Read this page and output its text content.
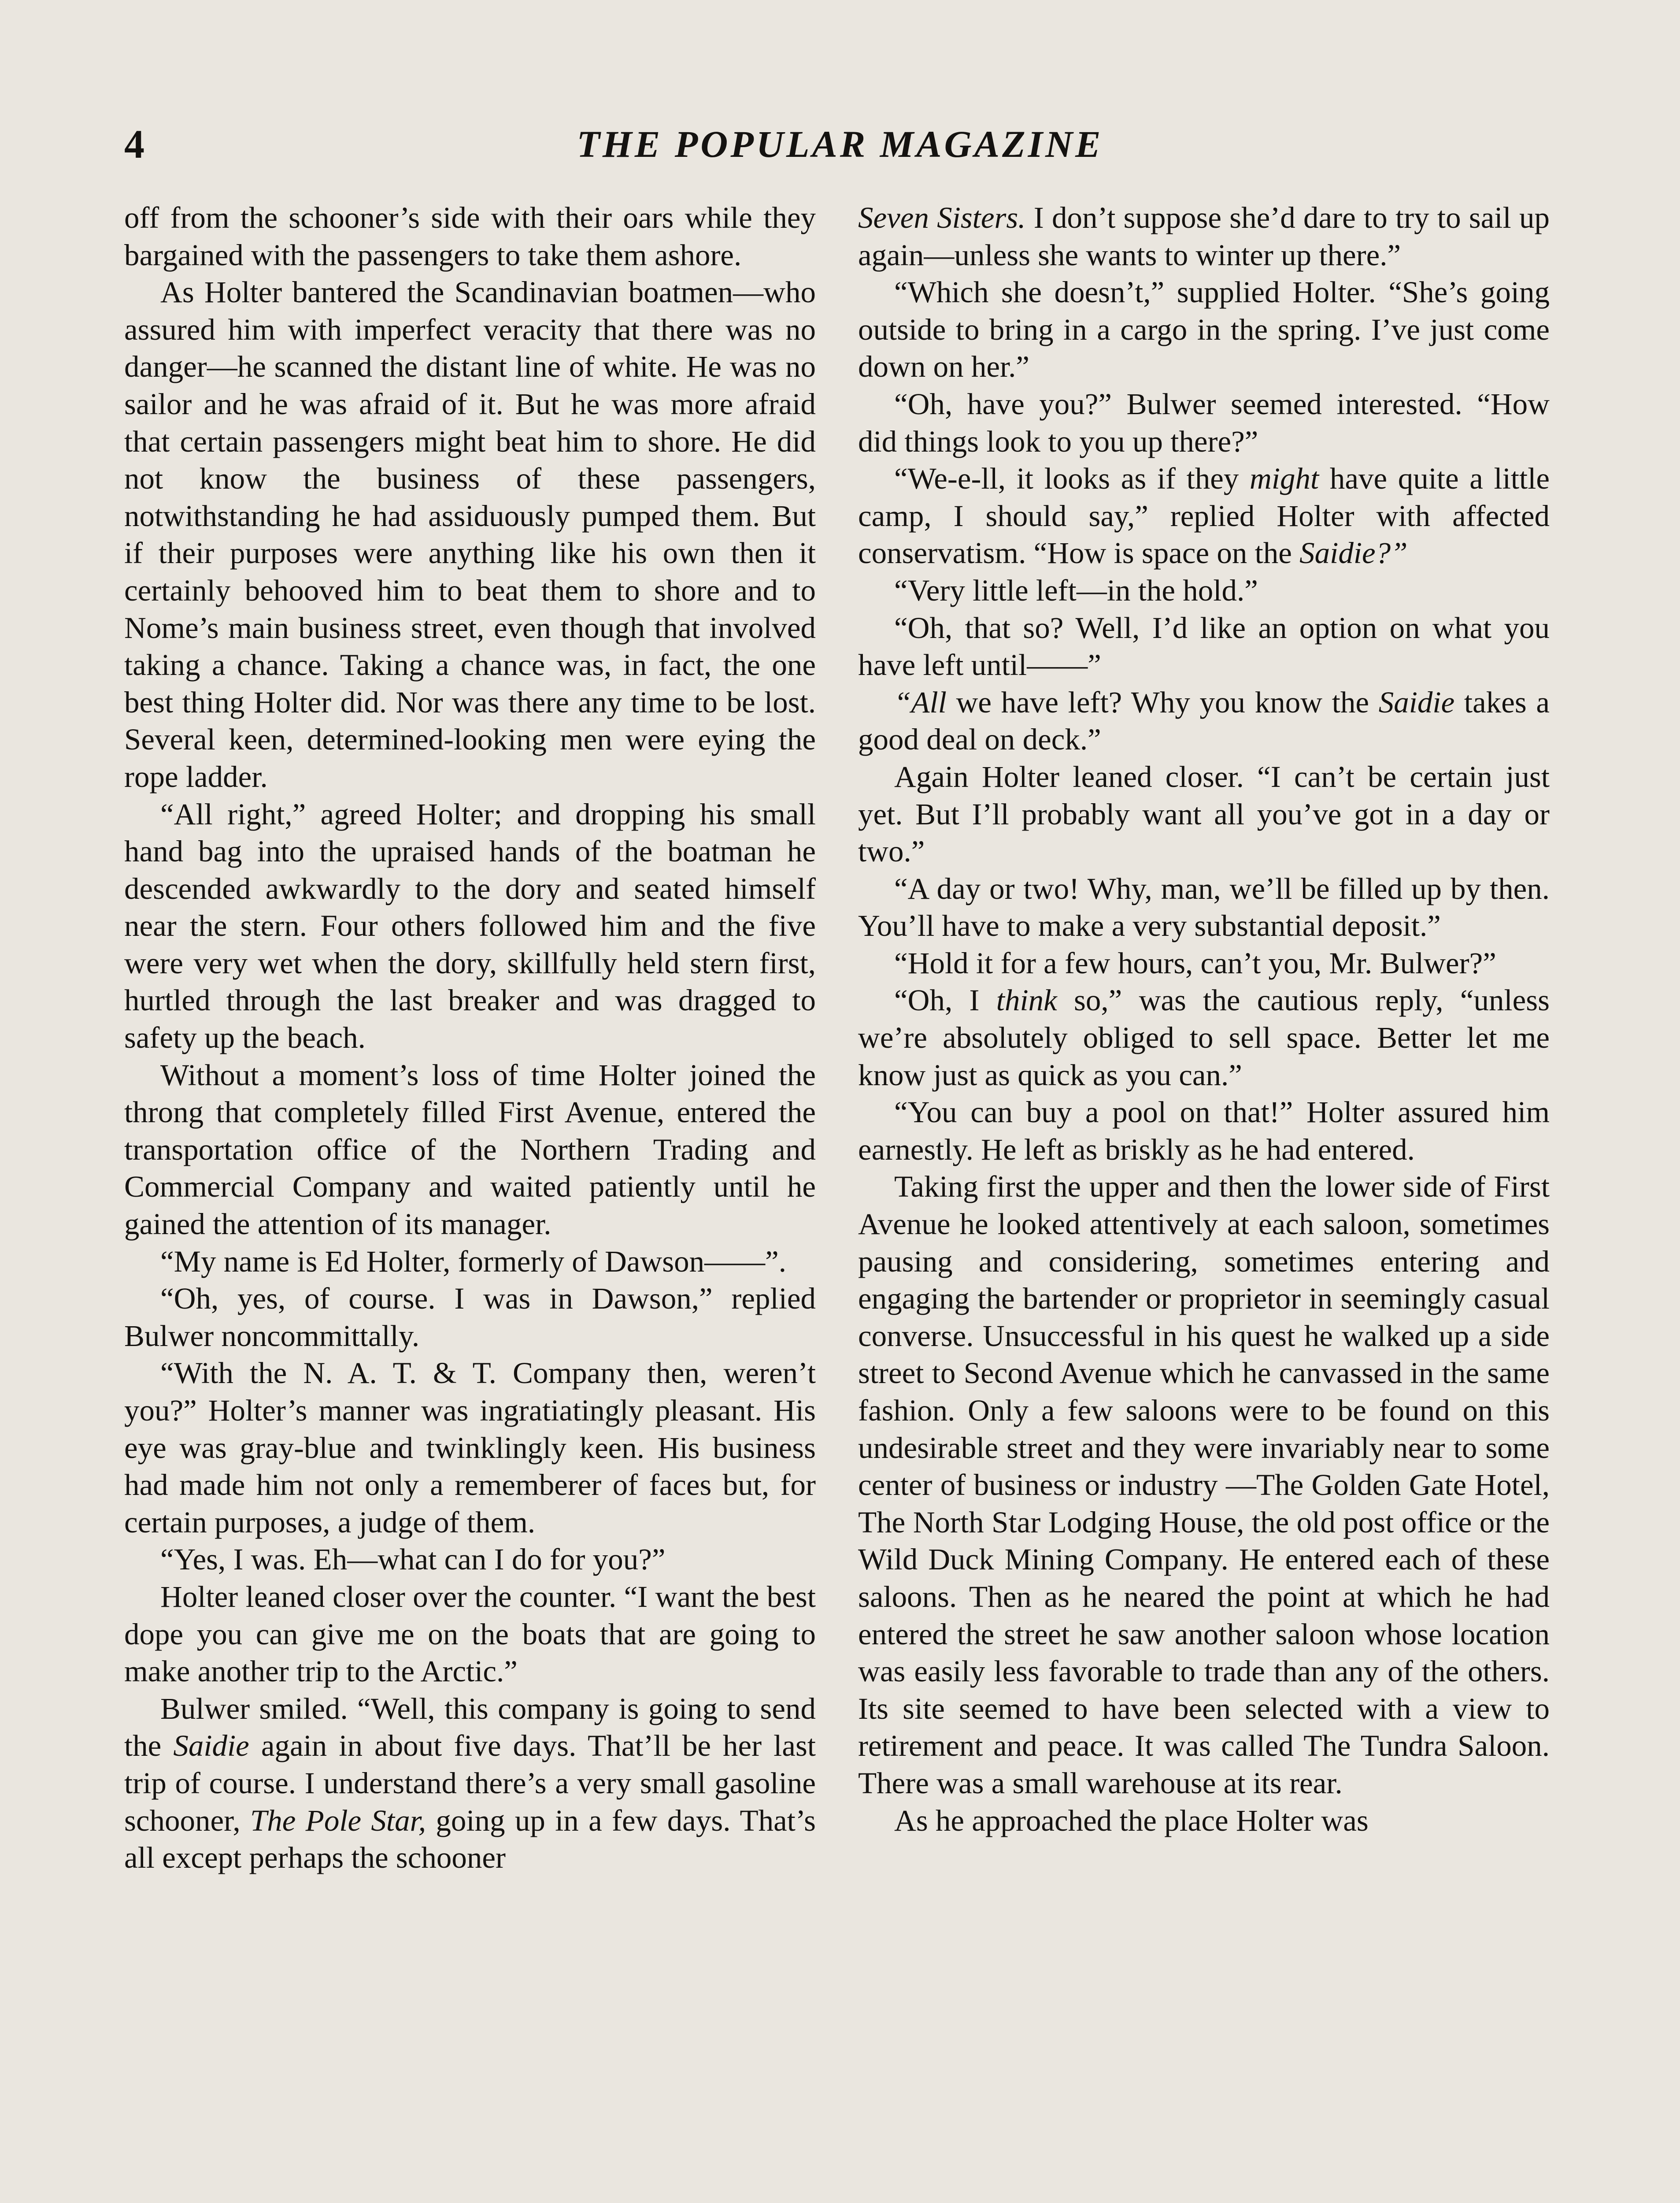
4	THE POPULAR MAGAZINE

off from the schooner’s side with their oars while they bargained with the passengers to take them ashore.

As Holter bantered the Scandinavian boatmen—who assured him with imperfect veracity that there was no danger—he scanned the distant line of white. He was no sailor and he was afraid of it. But he was more afraid that certain passengers might beat him to shore. He did not know the business of these passengers, notwithstanding he had assiduously pumped them. But if their purposes were anything like his own then it certainly behooved him to beat them to shore and to Nome’s main business street, even though that involved taking a chance. Taking a chance was, in fact, the one best thing Holter did. Nor was there any time to be lost. Several keen, determined-looking men were eying the rope ladder.

“All right,” agreed Holter; and dropping his small hand bag into the upraised hands of the boatman he descended awkwardly to the dory and seated himself near the stern. Four others followed him and the five were very wet when the dory, skillfully held stern first, hurtled through the last breaker and was dragged to safety up the beach.

Without a moment’s loss of time Holter joined the throng that completely filled First Avenue, entered the transportation office of the Northern Trading and Commercial Company and waited patiently until he gained the attention of its manager.

“My name is Ed Holter, formerly of Dawson——”.

“Oh, yes, of course. I was in Dawson,” replied Bulwer noncommittally.

“With the N. A. T. & T. Company then, weren’t you?” Holter’s manner was ingratiatingly pleasant. His eye was gray-blue and twinklingly keen. His business had made him not only a rememberer of faces but, for certain purposes, a judge of them.

“Yes, I was. Eh—what can I do for you?”

Holter leaned closer over the counter. “I want the best dope you can give me on the boats that are going to make another trip to the Arctic.”

Bulwer smiled. “Well, this company is going to send the Saidie again in about five days. That’ll be her last trip of course. I understand there’s a very small gasoline schooner, The Pole Star, going up in a few days. That’s all except perhaps the schooner

Seven Sisters. I don’t suppose she’d dare to try to sail up again—unless she wants to winter up there.”

“Which she doesn’t,” supplied Holter. “She’s going outside to bring in a cargo in the spring. I’ve just come down on her.”

“Oh, have you?” Bulwer seemed interested. “How did things look to you up there?”

“We-e-ll, it looks as if they might have quite a little camp, I should say,” replied Holter with affected conservatism. “How is space on the Saidie?”

“Very little left—in the hold.”

“Oh, that so? Well, I’d like an option on what you have left until——”

“All we have left? Why you know the Saidie takes a good deal on deck.”

Again Holter leaned closer. “I can’t be certain just yet. But I’ll probably want all you’ve got in a day or two.”

“A day or two! Why, man, we’ll be filled up by then. You’ll have to make a very substantial deposit.”

“Hold it for a few hours, can’t you, Mr. Bulwer?”

“Oh, I think so,” was the cautious reply, “unless we’re absolutely obliged to sell space. Better let me know just as quick as you can.”

“You can buy a pool on that!” Holter assured him earnestly. He left as briskly as he had entered.

Taking first the upper and then the lower side of First Avenue he looked attentively at each saloon, sometimes pausing and considering, sometimes entering and engaging the bartender or proprietor in seemingly casual converse. Unsuccessful in his quest he walked up a side street to Second Avenue which he canvassed in the same fashion. Only a few saloons were to be found on this undesirable street and they were invariably near to some center of business or industry —The Golden Gate Hotel, The North Star Lodging House, the old post office or the Wild Duck Mining Company. He entered each of these saloons. Then as he neared the point at which he had entered the street he saw another saloon whose location was easily less favorable to trade than any of the others. Its site seemed to have been selected with a view to retirement and peace. It was called The Tundra Saloon. There was a small warehouse at its rear.

As he approached the place Holter was
